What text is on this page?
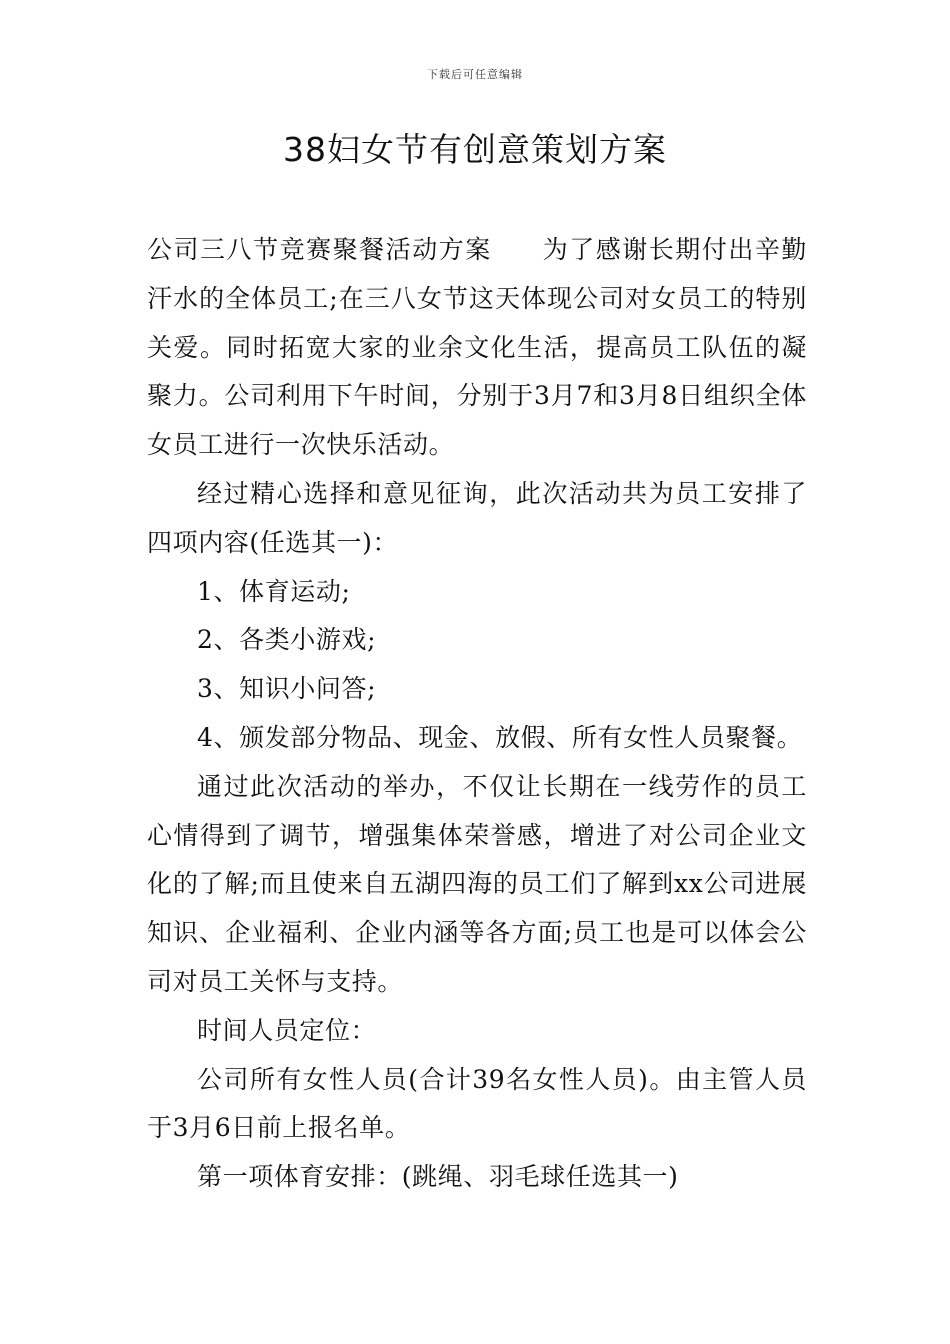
下载后可任意编辑
38妇女节有创意策划方案

公司三八节竞赛聚餐活动方案 为了感谢长期付出辛勤汗水的全体员工;在三八女节这天体现公司对女员工的特别关爱。同时拓宽大家的业余文化生活，提高员工队伍的凝聚力。公司利用下午时间，分别于3月7和3月8日组织全体女员工进行一次快乐活动。

经过精心选择和意见征询，此次活动共为员工安排了四项内容(任选其一)：

1、体育运动;

2、各类小游戏;

3、知识小问答;

4、颁发部分物品、现金、放假、所有女性人员聚餐。

通过此次活动的举办，不仅让长期在一线劳作的员工心情得到了调节，增强集体荣誉感，增进了对公司企业文化的了解;而且使来自五湖四海的员工们了解到xx公司进展知识、企业福利、企业内涵等各方面;员工也是可以体会公司对员工关怀与支持。

时间人员定位：

公司所有女性人员(合计39名女性人员)。由主管人员于3月6日前上报名单。

第一项体育安排：(跳绳、羽毛球任选其一)
